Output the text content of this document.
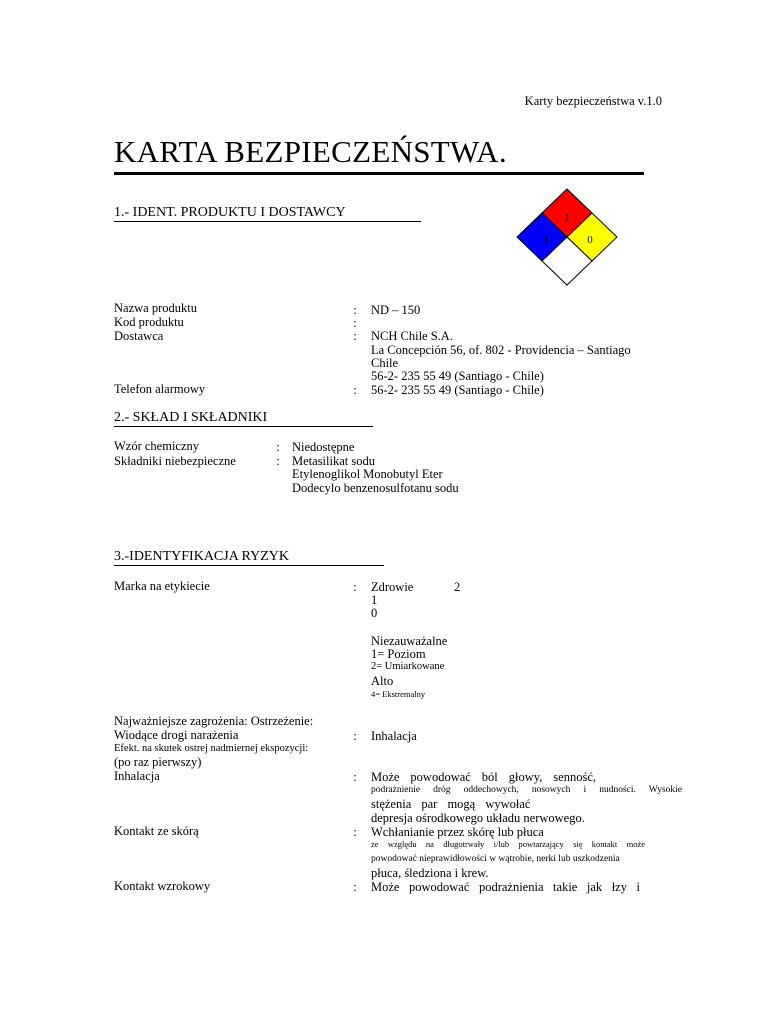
Karty bezpieczeństwa v.1.0
KARTA BEZPIECZEŃSTWA.
1.- IDENT. PRODUKTU I DOSTAWCY	1
3	0
Nazwa produktu	: ND – 150
Kod produktu	:
Dostawca	: NCH Chile S.A.
La Concepción 56, of. 802 - Providencia – Santiago
Chile
56-2- 235 55 49 (Santiago - Chile)
Telefon alarmowy	: 56-2- 235 55 49 (Santiago - Chile)
2.- SKŁAD I SKŁADNIKI
Wzór chemiczny	: Niedostępne
Składniki niebezpieczne	: Metasilikat sodu
Etylenoglikol Monobutyl Eter
Dodecylo benzenosulfotanu sodu
3.-IDENTYFIKACJA RYZYK
Marka na etykiecie	: Zdrowie	2
1
0
Niezauważalne
1= Poziom
2= Umiarkowane
Alto
4= Ekstremalny
Najważniejsze zagrożenia: Ostrzeżenie:
Wiodące drogi narażenia	: Inhalacja
Efekt. na skutek ostrej nadmiernej ekspozycji:
(po raz pierwszy)
Inhalacja	: Może powodować ból głowy, senność,
podrażnienie dróg oddechowych, nosowych i nudności. Wysokie
stężenia par mogą wywołać
depresja ośrodkowego układu nerwowego.
Kontakt ze skórą	: Wchłanianie przez skórę lub płuca
ze względu na długotrwały i/lub powtarzający się kontakt może
powodować nieprawidłowości w wątrobie, nerki lub uszkodzenia
płuca, śledziona i krew.
Kontakt wzrokowy	: Może powodować podrażnienia takie jak łzy i
